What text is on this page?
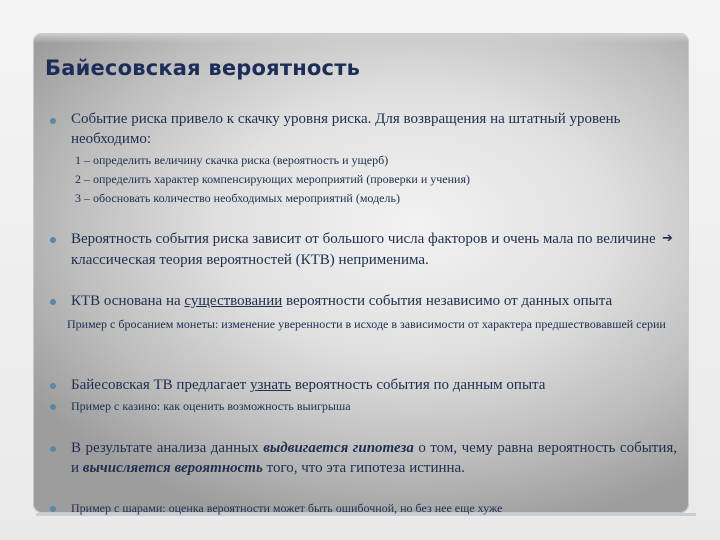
Байесовская вероятность
Событие риска привело к скачку уровня риска. Для возвращения на штатный уровень необходимо:
1 – определить величину скачка риска (вероятность и ущерб)
2 – определить характер компенсирующих мероприятий (проверки и учения)
3 – обосновать количество необходимых мероприятий (модель)
Вероятность события риска зависит от большого числа факторов и очень мала по величине ➔ классическая теория вероятностей (КТВ) неприменима.
КТВ основана на существовании вероятности события независимо от данных опыта
Пример с бросанием монеты: изменение уверенности в исходе в зависимости от характера предшествовавшей серии
Байесовская ТВ предлагает узнать вероятность события по данным опыта
Пример с казино: как оценить возможность выигрыша
В результате анализа данных выдвигается гипотеза о том, чему равна вероятность события, и вычисляется вероятность того, что эта гипотеза истинна.
Пример с шарами: оценка вероятности может быть ошибочной, но без нее еще хуже
